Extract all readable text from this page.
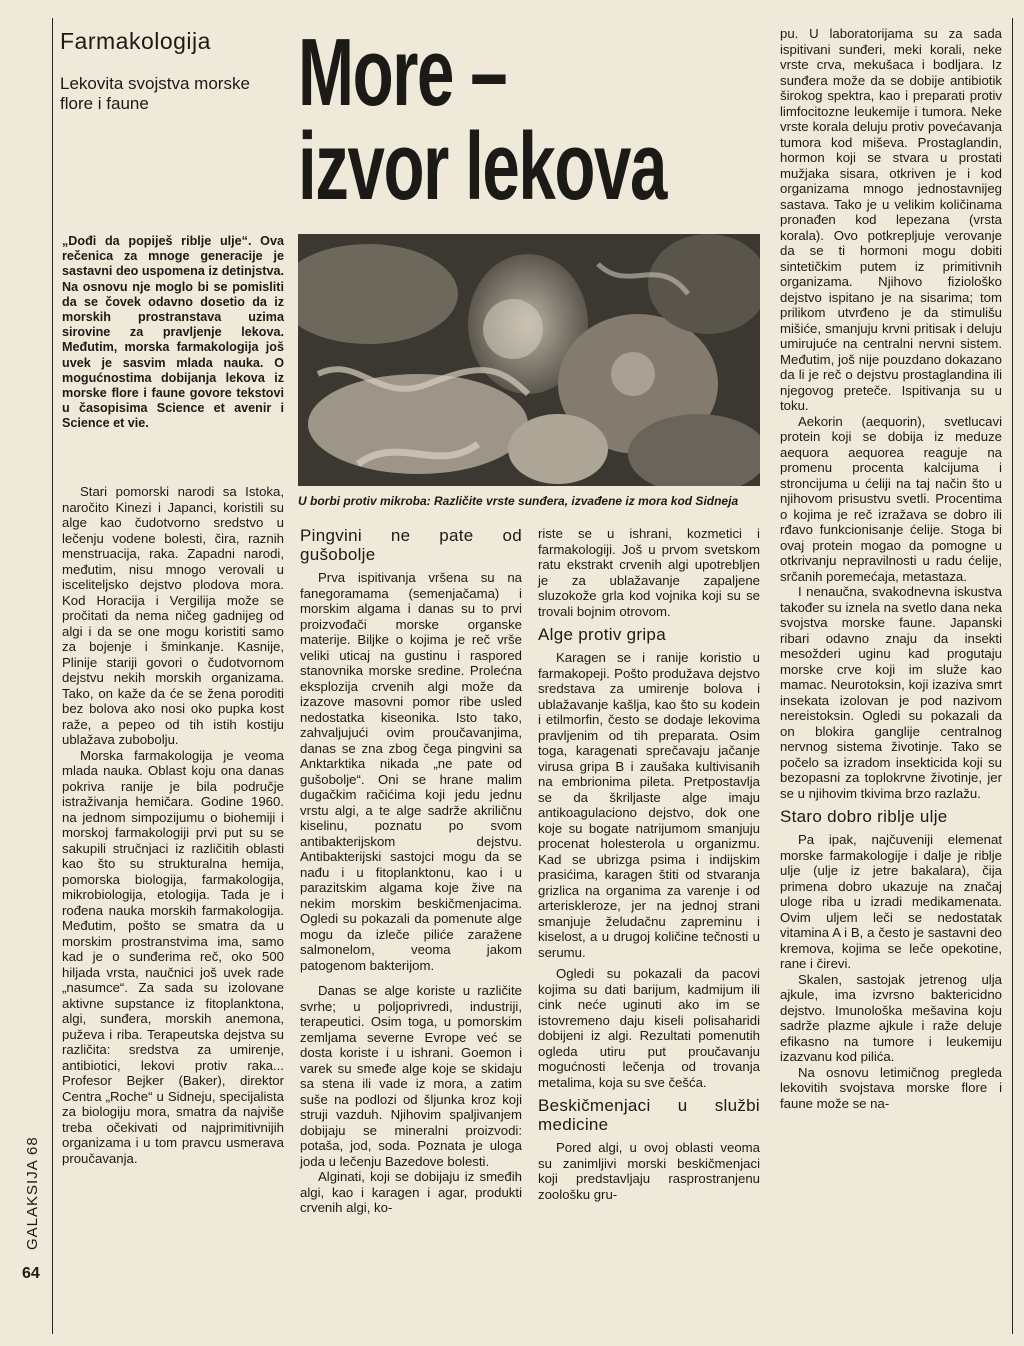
GALAKSIJA 68
64
Farmakologija
Lekovita svojstva morske flore i faune	More –
izvor lekova
„Dođi da popiješ riblje ulje“. Ova rečenica za mnoge generacije je sastavni deo uspomena iz detinjstva. Na osnovu nje moglo bi se pomisliti da se čovek odavno dosetio da iz morskih prostranstava uzima sirovine za pravljenje lekova. Međutim, morska farmakologija još uvek je sasvim mlada nauka. O mogućnostima dobijanja lekova iz morske flore i faune govore tekstovi u časopisima Science et avenir i Science et vie.
U borbi protiv mikroba: Različite vrste sunđera, izvađene iz mora kod Sidneja

Stari pomorski narodi sa Istoka, naročito Kinezi i Japanci, koristili su alge kao čudotvorno sredstvo u lečenju vodene bolesti, čira, raznih menstruacija, raka. Zapadni narodi, međutim, nisu mnogo verovali u isceliteljsko dejstvo plodova mora. Kod Horacija i Vergilija može se pročitati da nema ničeg gadnijeg od algi i da se one mogu koristiti samo za bojenje i šminkanje. Kasnije, Plinije stariji govori o čudotvornom dejstvu nekih morskih organizama. Tako, on kaže da će se žena poroditi bez bolova ako nosi oko pupka kost raže, a pepeo od tih istih kostiju ublažava zubobolju.

Morska farmakologija je veoma mlada nauka. Oblast koju ona danas pokriva ranije je bila područje istraživanja hemičara. Godine 1960. na jednom simpozijumu o biohemiji i morskoj farmakologiji prvi put su se sakupili stručnjaci iz različitih oblasti kao što su strukturalna hemija, pomorska biologija, farmakologija, mikrobiologija, etologija. Tada je i rođena nauka morskih farmakologija. Međutim, pošto se smatra da u morskim prostranstvima ima, samo kad je o sunđerima reč, oko 500 hiljada vrsta, naučnici još uvek rade „nasumce“. Za sada su izolovane aktivne supstance iz fitoplanktona, algi, sunđera, morskih anemona, puževa i riba. Terapeutska dejstva su različita: sredstva za umirenje, antibiotici, lekovi protiv raka... Profesor Bejker (Baker), direktor Centra „Roche“ u Sidneju, specijalista za biologiju mora, smatra da najviše treba očekivati od najprimitivnijih organizama i u tom pravcu usmerava proučavanja.

Pingvini ne pate od gušobolje

Prva ispitivanja vršena su na fanegoramama (semenjačama) i morskim algama i danas su to prvi proizvođači morske organske materije. Biljke o kojima je reč vrše veliki uticaj na gustinu i raspored stanovnika morske sredine. Prolećna eksplozija crvenih algi može da izazove masovni pomor ribe usled nedostatka kiseonika. Isto tako, zahvaljujući ovim proučavanjima, danas se zna zbog čega pingvini sa Anktarktika nikada „ne pate od gušobolje“. Oni se hrane malim dugačkim račićima koji jedu jednu vrstu algi, a te alge sadrže akriličnu kiselinu, poznatu po svom antibakterijskom dejstvu. Antibakterijski sastojci mogu da se nađu i u fitoplanktonu, kao i u parazitskim algama koje žive na nekim morskim beskičmenjacima. Ogledi su pokazali da pomenute alge mogu da izleče piliće zaražene salmonelom, veoma jakom patogenom bakterijom.

Danas se alge koriste u različite svrhe; u poljoprivredi, industriji, terapeutici. Osim toga, u pomorskim zemljama severne Evrope već se dosta koriste i u ishrani. Goemon i varek su smeđe alge koje se skidaju sa stena ili vade iz mora, a zatim suše na podlozi od šljunka kroz koji struji vazduh. Njihovim spaljivanjem dobijaju se mineralni proizvodi: potaša, jod, soda. Poznata je uloga joda u lečenju Bazedove bolesti.

Alginati, koji se dobijaju iz smeđih algi, kao i karagen i agar, produkti crvenih algi, ko-

riste se u ishrani, kozmetici i farmakologiji. Još u prvom svetskom ratu ekstrakt crvenih algi upotrebljen je za ublažavanje zapaljene sluzokože grla kod vojnika koji su se trovali bojnim otrovom.

Alge protiv gripa

Karagen se i ranije koristio u farmakopeji. Pošto produžava dejstvo sredstava za umirenje bolova i ublažavanje kašlja, kao što su kodein i etilmorfin, često se dodaje lekovima pravljenim od tih preparata. Osim toga, karagenati sprečavaju jačanje virusa gripa B i zaušaka kultivisanih na embrionima pileta. Pretpostavlja se da škriljaste alge imaju antikoagulaciono dejstvo, dok one koje su bogate natrijumom smanjuju procenat holesterola u organizmu. Kad se ubrizga psima i indijskim prasićima, karagen štiti od stvaranja grizlica na organima za varenje i od arteriskleroze, jer na jednoj strani smanjuje želudačnu zapreminu i kiselost, a u drugoj količine tečnosti u serumu.

Ogledi su pokazali da pacovi kojima su dati barijum, kadmijum ili cink neće uginuti ako im se istovremeno daju kiseli polisaharidi dobijeni iz algi. Rezultati pomenutih ogleda utiru put proučavanju mogućnosti lečenja od trovanja metalima, koja su sve češća.

Beskičmenjaci u službi medicine

Pored algi, u ovoj oblasti veoma su zanimljivi morski beskičmenjaci koji predstavljaju rasprostranjenu zoološku gru-

pu. U laboratorijama su za sada ispitivani sunđeri, meki korali, neke vrste crva, mekušaca i bodljara. Iz sunđera može da se dobije antibiotik širokog spektra, kao i preparati protiv limfocitozne leukemije i tumora. Neke vrste korala deluju protiv povećavanja tumora kod miševa. Prostaglandin, hormon koji se stvara u prostati mužjaka sisara, otkriven je i kod organizama mnogo jednostavnijeg sastava. Tako je u velikim količinama pronađen kod lepezana (vrsta korala). Ovo potkrepljuje verovanje da se ti hormoni mogu dobiti sintetičkim putem iz primitivnih organizama. Njihovo fiziološko dejstvo ispitano je na sisarima; tom prilikom utvrđeno je da stimulišu mišiće, smanjuju krvni pritisak i deluju umirujuće na centralni nervni sistem. Međutim, još nije pouzdano dokazano da li je reč o dejstvu prostaglandina ili njegovog preteče. Ispitivanja su u toku.

Aekorin (aequorin), svetlucavi protein koji se dobija iz meduze aequora aequorea reaguje na promenu procenta kalcijuma i stroncijuma u ćeliji na taj način što u njihovom prisustvu svetli. Procentima o kojima je reč izražava se dobro ili rđavo funkcionisanje ćelije. Stoga bi ovaj protein mogao da pomogne u otkrivanju nepravilnosti u radu ćelije, srčanih poremećaja, metastaza.

I nenaučna, svakodnevna iskustva također su iznela na svetlo dana neka svojstva morske faune. Japanski ribari odavno znaju da insekti mesožderi uginu kad progutaju morske crve koji im služe kao mamac. Neurotoksin, koji izaziva smrt insekata izolovan je pod nazivom nereistoksin. Ogledi su pokazali da on blokira ganglije centralnog nervnog sistema životinje. Tako se počelo sa izradom insekticida koji su bezopasni za toplokrvne životinje, jer se u njihovim tkivima brzo razlažu.

Staro dobro riblje ulje

Pa ipak, najčuveniji elemenat morske farmakologije i dalje je riblje ulje (ulje iz jetre bakalara), čija primena dobro ukazuje na značaj uloge riba u izradi medikamenata. Ovim uljem leči se nedostatak vitamina A i B, a često je sastavni deo kremova, kojima se leče opekotine, rane i čirevi.

Skalen, sastojak jetrenog ulja ajkule, ima izvrsno baktericidno dejstvo. Imunološka mešavina koju sadrže plazme ajkule i raže deluje efikasno na tumore i leukemiju izazvanu kod pilića.

Na osnovu letimičnog pregleda lekovitih svojstava morske flore i faune može se na-
